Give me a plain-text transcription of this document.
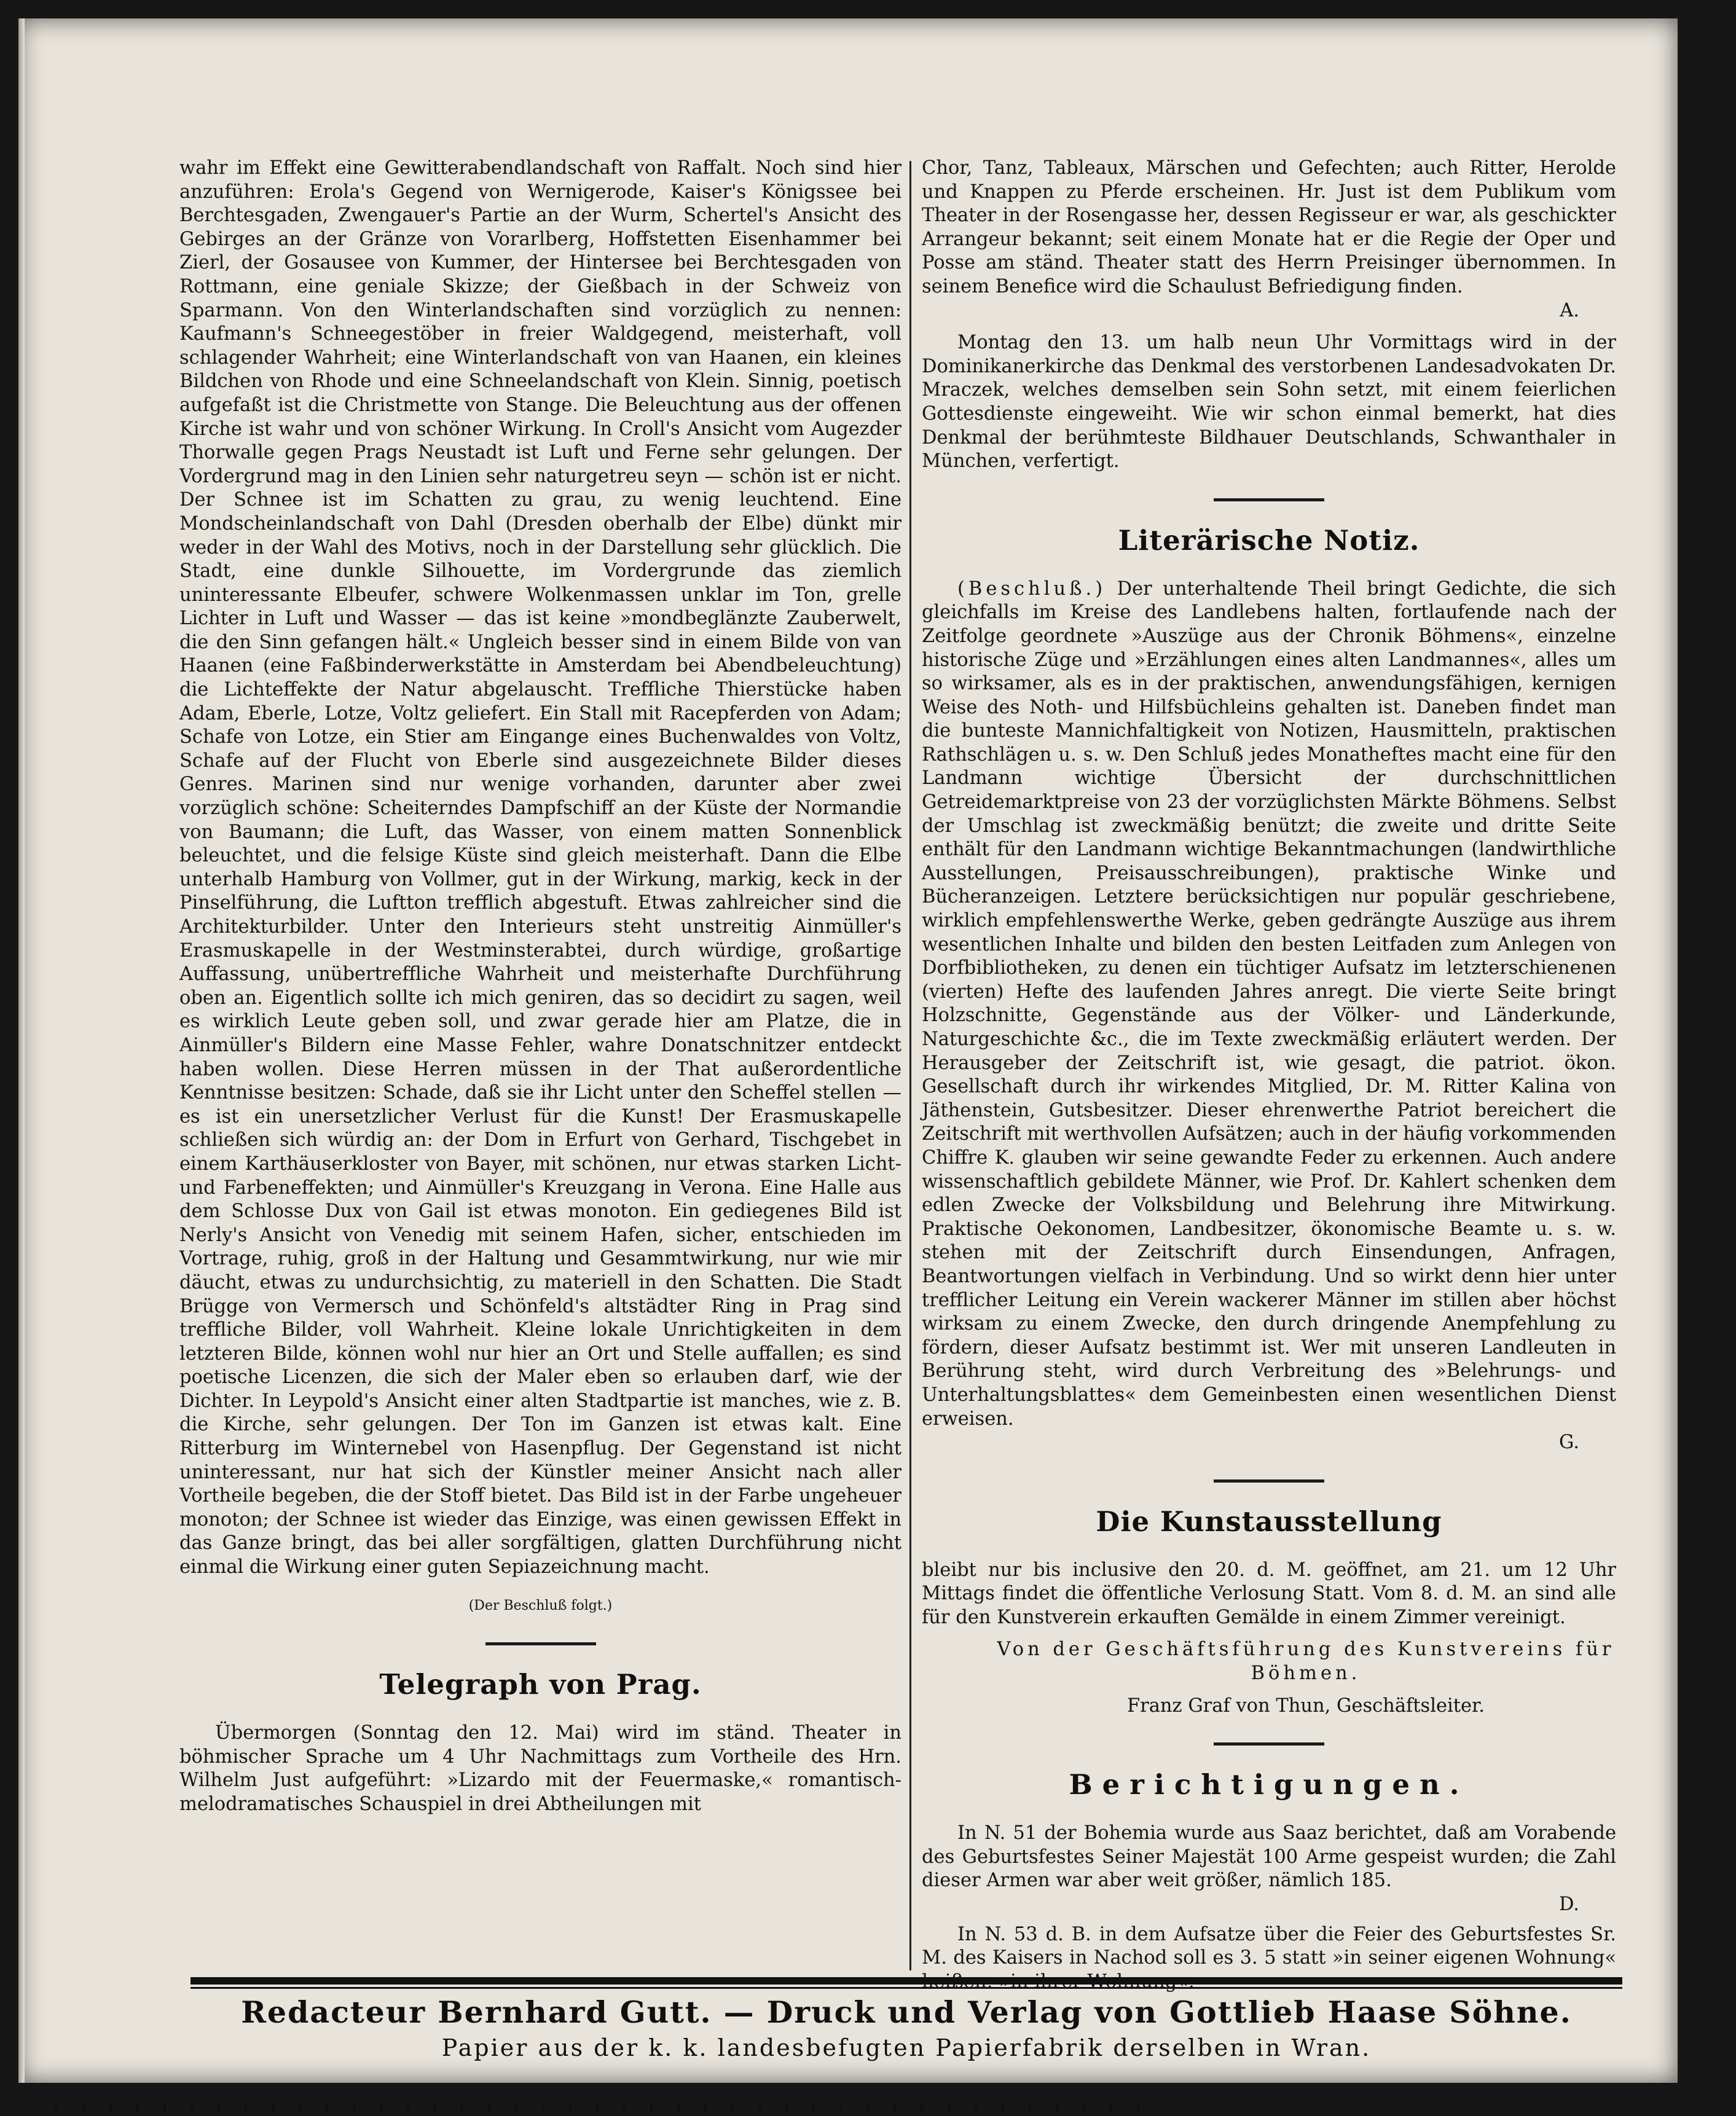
wahr im Effekt eine Gewitterabendlandschaft von Raffalt. Noch sind hier anzuführen: Erola's Gegend von Wernigerode, Kaiser's Königssee bei Berchtesgaden, Zwengauer's Partie an der Wurm, Schertel's Ansicht des Gebirges an der Gränze von Vorarlberg, Hoffstetten Eisenhammer bei Zierl, der Gosausee von Kummer, der Hintersee bei Berchtesgaden von Rottmann, eine geniale Skizze; der Gießbach in der Schweiz von Sparmann. Von den Winterlandschaften sind vorzüglich zu nennen: Kaufmann's Schneegestöber in freier Waldgegend, meisterhaft, voll schlagender Wahrheit; eine Winterlandschaft von van Haanen, ein kleines Bildchen von Rhode und eine Schneelandschaft von Klein. Sinnig, poetisch aufgefaßt ist die Christmette von Stange. Die Beleuchtung aus der offenen Kirche ist wahr und von schöner Wirkung. In Croll's Ansicht vom Augezder Thorwalle gegen Prags Neustadt ist Luft und Ferne sehr gelungen. Der Vordergrund mag in den Linien sehr naturgetreu seyn — schön ist er nicht. Der Schnee ist im Schatten zu grau, zu wenig leuchtend. Eine Mondscheinlandschaft von Dahl (Dresden oberhalb der Elbe) dünkt mir weder in der Wahl des Motivs, noch in der Darstellung sehr glücklich. Die Stadt, eine dunkle Silhouette, im Vordergrunde das ziemlich uninteressante Elbeufer, schwere Wolkenmassen unklar im Ton, grelle Lichter in Luft und Wasser — das ist keine »mondbeglänzte Zauberwelt, die den Sinn gefangen hält.« Ungleich besser sind in einem Bilde von van Haanen (eine Faßbinderwerkstätte in Amsterdam bei Abendbeleuchtung) die Lichteffekte der Natur abgelauscht. Treffliche Thierstücke haben Adam, Eberle, Lotze, Voltz geliefert. Ein Stall mit Racepferden von Adam; Schafe von Lotze, ein Stier am Eingange eines Buchenwaldes von Voltz, Schafe auf der Flucht von Eberle sind ausgezeichnete Bilder dieses Genres. Marinen sind nur wenige vorhanden, darunter aber zwei vorzüglich schöne: Scheiterndes Dampfschiff an der Küste der Normandie von Baumann; die Luft, das Wasser, von einem matten Sonnenblick beleuchtet, und die felsige Küste sind gleich meisterhaft. Dann die Elbe unterhalb Hamburg von Vollmer, gut in der Wirkung, markig, keck in der Pinselführung, die Luftton trefflich abgestuft. Etwas zahlreicher sind die Architekturbilder. Unter den Interieurs steht unstreitig Ainmüller's Erasmuskapelle in der Westminsterabtei, durch würdige, großartige Auffassung, unübertreffliche Wahrheit und meisterhafte Durchführung oben an. Eigentlich sollte ich mich geniren, das so decidirt zu sagen, weil es wirklich Leute geben soll, und zwar gerade hier am Platze, die in Ainmüller's Bildern eine Masse Fehler, wahre Donatschnitzer entdeckt haben wollen. Diese Herren müssen in der That außerordentliche Kenntnisse besitzen: Schade, daß sie ihr Licht unter den Scheffel stellen — es ist ein unersetzlicher Verlust für die Kunst! Der Erasmuskapelle schließen sich würdig an: der Dom in Erfurt von Gerhard, Tischgebet in einem Karthäuserkloster von Bayer, mit schönen, nur etwas starken Licht- und Farbeneffekten; und Ainmüller's Kreuzgang in Verona. Eine Halle aus dem Schlosse Dux von Gail ist etwas monoton. Ein gediegenes Bild ist Nerly's Ansicht von Venedig mit seinem Hafen, sicher, entschieden im Vortrage, ruhig, groß in der Haltung und Gesammtwirkung, nur wie mir däucht, etwas zu undurchsichtig, zu materiell in den Schatten. Die Stadt Brügge von Vermersch und Schönfeld's altstädter Ring in Prag sind treffliche Bilder, voll Wahrheit. Kleine lokale Unrichtigkeiten in dem letzteren Bilde, können wohl nur hier an Ort und Stelle auffallen; es sind poetische Licenzen, die sich der Maler eben so erlauben darf, wie der Dichter. In Leypold's Ansicht einer alten Stadtpartie ist manches, wie z. B. die Kirche, sehr gelungen. Der Ton im Ganzen ist etwas kalt. Eine Ritterburg im Winternebel von Hasenpflug. Der Gegenstand ist nicht uninteressant, nur hat sich der Künstler meiner Ansicht nach aller Vortheile begeben, die der Stoff bietet. Das Bild ist in der Farbe ungeheuer monoton; der Schnee ist wieder das Einzige, was einen gewissen Effekt in das Ganze bringt, das bei aller sorgfältigen, glatten Durchführung nicht einmal die Wirkung einer guten Sepiazeichnung macht.

(Der Beschluß folgt.)

Telegraph von Prag.

Übermorgen (Sonntag den 12. Mai) wird im ständ. Theater in böhmischer Sprache um 4 Uhr Nachmittags zum Vortheile des Hrn. Wilhelm Just aufgeführt: »Lizardo mit der Feuermaske,« romantisch-melodramatisches Schauspiel in drei Abtheilungen mit

Chor, Tanz, Tableaux, Märschen und Gefechten; auch Ritter, Herolde und Knappen zu Pferde erscheinen. Hr. Just ist dem Publikum vom Theater in der Rosengasse her, dessen Regisseur er war, als geschickter Arrangeur bekannt; seit einem Monate hat er die Regie der Oper und Posse am ständ. Theater statt des Herrn Preisinger übernommen. In seinem Benefice wird die Schaulust Befriedigung finden.

A.

Montag den 13. um halb neun Uhr Vormittags wird in der Dominikanerkirche das Denkmal des verstorbenen Landesadvokaten Dr. Mraczek, welches demselben sein Sohn setzt, mit einem feierlichen Gottesdienste eingeweiht. Wie wir schon einmal bemerkt, hat dies Denkmal der berühmteste Bildhauer Deutschlands, Schwanthaler in München, verfertigt.

Literärische Notiz.

(Beschluß.) Der unterhaltende Theil bringt Gedichte, die sich gleichfalls im Kreise des Landlebens halten, fortlaufende nach der Zeitfolge geordnete »Auszüge aus der Chronik Böhmens«, einzelne historische Züge und »Erzählungen eines alten Landmannes«, alles um so wirksamer, als es in der praktischen, anwendungsfähigen, kernigen Weise des Noth- und Hilfsbüchleins gehalten ist. Daneben findet man die bunteste Mannichfaltigkeit von Notizen, Hausmitteln, praktischen Rathschlägen u. s. w. Den Schluß jedes Monatheftes macht eine für den Landmann wichtige Übersicht der durchschnittlichen Getreidemarktpreise von 23 der vorzüglichsten Märkte Böhmens. Selbst der Umschlag ist zweckmäßig benützt; die zweite und dritte Seite enthält für den Landmann wichtige Bekanntmachungen (landwirthliche Ausstellungen, Preisausschreibungen), praktische Winke und Bücheranzeigen. Letztere berücksichtigen nur populär geschriebene, wirklich empfehlenswerthe Werke, geben gedrängte Auszüge aus ihrem wesentlichen Inhalte und bilden den besten Leitfaden zum Anlegen von Dorfbibliotheken, zu denen ein tüchtiger Aufsatz im letzterschienenen (vierten) Hefte des laufenden Jahres anregt. Die vierte Seite bringt Holzschnitte, Gegenstände aus der Völker- und Länderkunde, Naturgeschichte &c., die im Texte zweckmäßig erläutert werden. Der Herausgeber der Zeitschrift ist, wie gesagt, die patriot. ökon. Gesellschaft durch ihr wirkendes Mitglied, Dr. M. Ritter Kalina von Jäthenstein, Gutsbesitzer. Dieser ehrenwerthe Patriot bereichert die Zeitschrift mit werthvollen Aufsätzen; auch in der häufig vorkommenden Chiffre K. glauben wir seine gewandte Feder zu erkennen. Auch andere wissenschaftlich gebildete Männer, wie Prof. Dr. Kahlert schenken dem edlen Zwecke der Volksbildung und Belehrung ihre Mitwirkung. Praktische Oekonomen, Landbesitzer, ökonomische Beamte u. s. w. stehen mit der Zeitschrift durch Einsendungen, Anfragen, Beantwortungen vielfach in Verbindung. Und so wirkt denn hier unter trefflicher Leitung ein Verein wackerer Männer im stillen aber höchst wirksam zu einem Zwecke, den durch dringende Anempfehlung zu fördern, dieser Aufsatz bestimmt ist. Wer mit unseren Landleuten in Berührung steht, wird durch Verbreitung des »Belehrungs- und Unterhaltungsblattes« dem Gemeinbesten einen wesentlichen Dienst erweisen.

G.

Die Kunstausstellung

bleibt nur bis inclusive den 20. d. M. geöffnet, am 21. um 12 Uhr Mittags findet die öffentliche Verlosung Statt. Vom 8. d. M. an sind alle für den Kunstverein erkauften Gemälde in einem Zimmer vereinigt.

Von der Geschäftsführung des Kunstvereins für Böhmen.

Franz Graf von Thun, Geschäftsleiter.

Berichtigungen.

In N. 51 der Bohemia wurde aus Saaz berichtet, daß am Vorabende des Geburtsfestes Seiner Majestät 100 Arme gespeist wurden; die Zahl dieser Armen war aber weit größer, nämlich 185.

D.

In N. 53 d. B. in dem Aufsatze über die Feier des Geburtsfestes Sr. M. des Kaisers in Nachod soll es 3. 5 statt »in seiner eigenen Wohnung«

Redacteur Bernhard Gutt. — Druck und Verlag von Gottlieb Haase Söhne.
Papier aus der k. k. landesbefugten Papierfabrik derselben in Wran.
